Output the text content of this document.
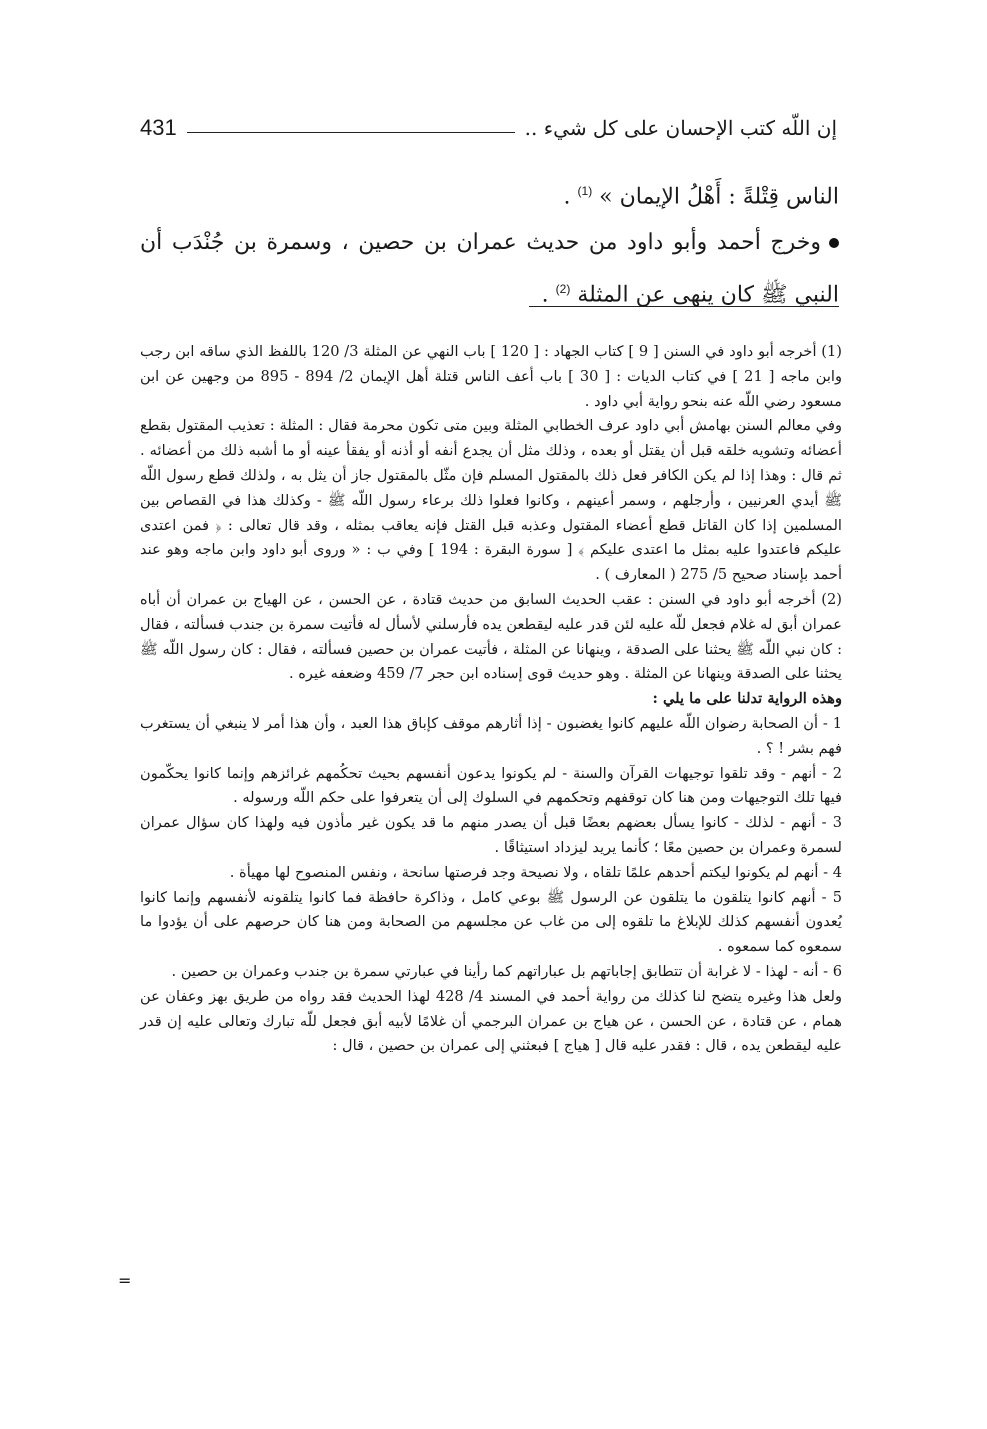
إن اللّه كتب الإحسان على كل شيء ..
431

الناس قِتْلةً : أَهْلُ الإيمان » $^{(1)}$ .

وخرج أحمد وأبو داود من حديث عمران بن حصين ، وسمرة بن جُنْدَب أن النبي ﷺ كان ينهى عن المثلة $^{(2)}$ .

(1) أخرجه أبو داود في السنن [ 9 ] كتاب الجهاد : [ 120 ] باب النهي عن المثلة 3/ 120 باللفظ الذي ساقه ابن رجب وابن ماجه [ 21 ] في كتاب الديات : [ 30 ] باب أعف الناس قتلة أهل الإيمان 2/ 894 - 895 من وجهين عن ابن مسعود رضي اللّه عنه بنحو رواية أبي داود .

وفي معالم السنن بهامش أبي داود عرف الخطابي المثلة وبين متى تكون محرمة فقال : المثلة : تعذيب المقتول بقطع أعضائه وتشويه خلقه قبل أن يقتل أو بعده ، وذلك مثل أن يجدع أنفه أو أذنه أو يفقأ عينه أو ما أشبه ذلك من أعضائه . ثم قال : وهذا إذا لم يكن الكافر فعل ذلك بالمقتول المسلم فإن مثّل بالمقتول جاز أن يثل به ، ولذلك قطع رسول اللّه ﷺ أيدي العرنيين ، وأرجلهم ، وسمر أعينهم ، وكانوا فعلوا ذلك برعاء رسول اللّه ﷺ - وكذلك هذا في القصاص بين المسلمين إذا كان القاتل قطع أعضاء المقتول وعذبه قبل القتل فإنه يعاقب بمثله ، وقد قال تعالى : ﴿ فمن اعتدى عليكم فاعتدوا عليه بمثل ما اعتدى عليكم ﴾ [ سورة البقرة : 194 ] وفي ب : « وروى أبو داود وابن ماجه وهو عند أحمد بإسناد صحيح 5/ 275 ( المعارف ) .

(2) أخرجه أبو داود في السنن : عقب الحديث السابق من حديث قتادة ، عن الحسن ، عن الهياج بن عمران أن أباه عمران أبق له غلام فجعل للّه عليه لئن قدر عليه ليقطعن يده فأرسلني لأسأل له فأتيت سمرة بن جندب فسألته ، فقال : كان نبي اللّه ﷺ يحثنا على الصدقة ، وينهانا عن المثلة ، فأتيت عمران بن حصين فسألته ، فقال : كان رسول اللّه ﷺ يحثنا على الصدقة وينهانا عن المثلة . وهو حديث قوى إسناده ابن حجر 7/ 459 وضعفه غيره .

وهذه الرواية تدلنا على ما يلي :

1 - أن الصحابة رضوان اللّه عليهم كانوا يغضبون - إذا أثارهم موقف كإباق هذا العبد ، وأن هذا أمر لا ينبغي أن يستغرب فهم بشر ! ؟ .

2 - أنهم - وقد تلقوا توجيهات القرآن والسنة - لم يكونوا يدعون أنفسهم بحيث تحكُمهم غرائزهم وإنما كانوا يحكّمون فيها تلك التوجيهات ومن هنا كان توقفهم وتحكمهم في السلوك إلى أن يتعرفوا على حكم اللّه ورسوله .

3 - أنهم - لذلك - كانوا يسأل بعضهم بعضًا قبل أن يصدر منهم ما قد يكون غير مأذون فيه ولهذا كان سؤال عمران لسمرة وعمران بن حصين معًا ؛ كأنما يريد ليزداد استيثاقًا .

4 - أنهم لم يكونوا ليكتم أحدهم علمًا تلقاه ، ولا نصيحة وجد فرصتها سانحة ، ونفس المنصوح لها مهيأة .

5 - أنهم كانوا يتلقون ما يتلقون عن الرسول ﷺ بوعي كامل ، وذاكرة حافظة فما كانوا يتلقونه لأنفسهم وإنما كانوا يُعدون أنفسهم كذلك للإبلاغ ما تلقوه إلى من غاب عن مجلسهم من الصحابة ومن هنا كان حرصهم على أن يؤدوا ما سمعوه كما سمعوه .

6 - أنه - لهذا - لا غرابة أن تتطابق إجاباتهم بل عباراتهم كما رأينا في عبارتي سمرة بن جندب وعمران بن حصين .

ولعل هذا وغيره يتضح لنا كذلك من رواية أحمد في المسند 4/ 428 لهذا الحديث فقد رواه من طريق بهز وعفان عن همام ، عن قتادة ، عن الحسن ، عن هياج بن عمران البرجمي أن غلامًا لأبيه أبق فجعل للّه تبارك وتعالى عليه إن قدر عليه ليقطعن يده ، قال : فقدر عليه قال [ هياج ] فبعثني إلى عمران بن حصين ، قال :

=
